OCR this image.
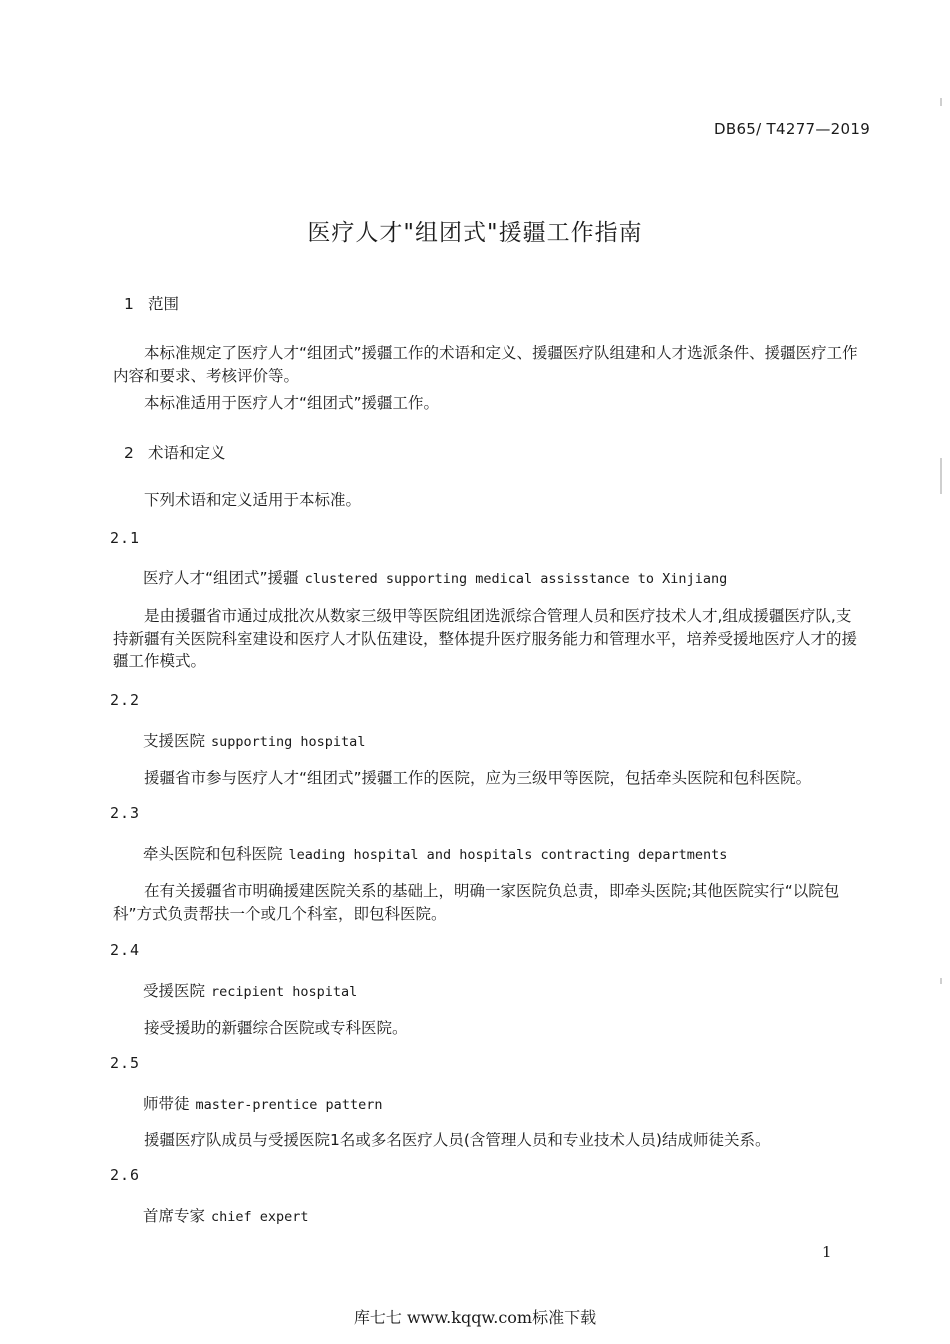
DB65/ T4277—2019
医疗人才"组团式"援疆工作指南
1 范围
本标准规定了医疗人才“组团式”援疆工作的术语和定义、援疆医疗队组建和人才选派条件、援疆医疗工作内容和要求、考核评价等。
本标准适用于医疗人才“组团式”援疆工作。
2 术语和定义
下列术语和定义适用于本标准。
2.1
医疗人才“组团式”援疆 clustered supporting medical assisstance to Xinjiang
是由援疆省市通过成批次从数家三级甲等医院组团选派综合管理人员和医疗技术人才,组成援疆医疗队,支持新疆有关医院科室建设和医疗人才队伍建设，整体提升医疗服务能力和管理水平，培养受援地医疗人才的援疆工作模式。
2.2
支援医院 supporting hospital
援疆省市参与医疗人才“组团式”援疆工作的医院，应为三级甲等医院，包括牵头医院和包科医院。
2.3
牵头医院和包科医院 leading hospital and hospitals contracting departments
在有关援疆省市明确援建医院关系的基础上，明确一家医院负总责，即牵头医院;其他医院实行“以院包科”方式负责帮扶一个或几个科室，即包科医院。
2.4
受援医院 recipient hospital
接受援助的新疆综合医院或专科医院。
2.5
师带徒 master-prentice pattern
援疆医疗队成员与受援医院1名或多名医疗人员(含管理人员和专业技术人员)结成师徒关系。
2.6
首席专家 chief expert
1
库七七 www.kqqw.com标准下载
